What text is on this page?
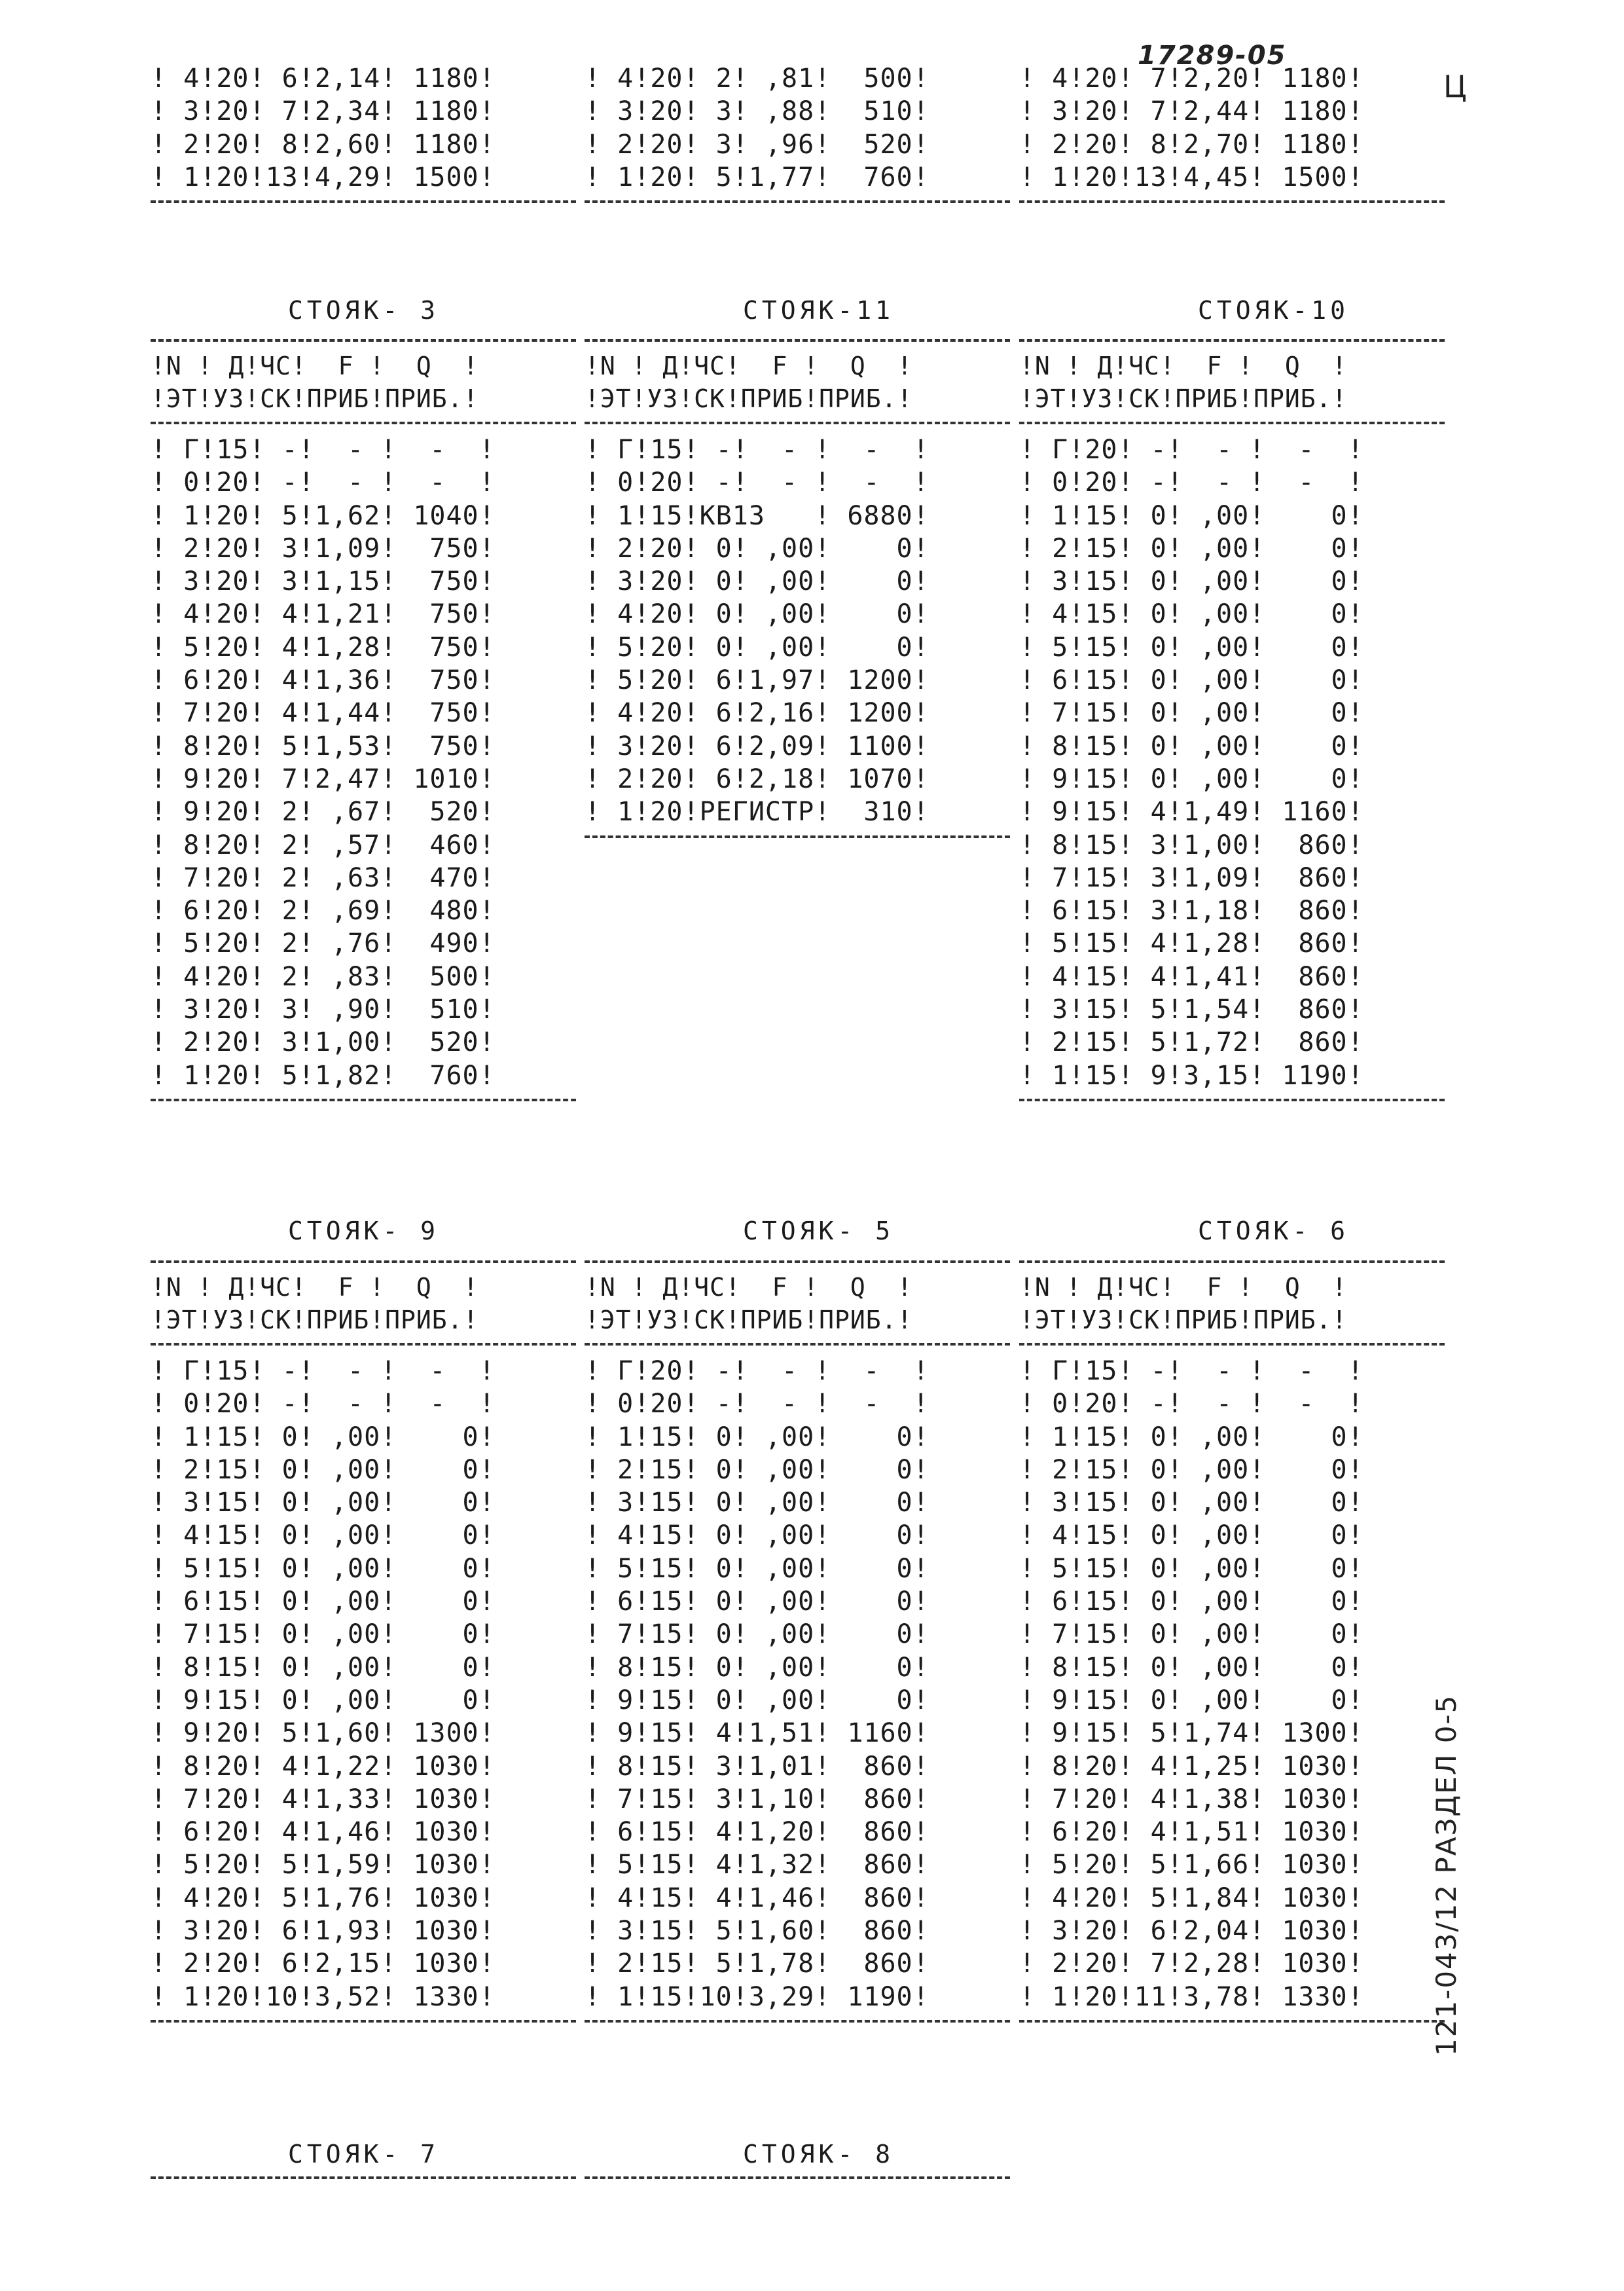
17289-05
Ц
! 4!20! 6!2,14! 1180!
! 3!20! 7!2,34! 1180!
! 2!20! 8!2,60! 1180!
! 1!20!13!4,29! 1500!
! 4!20! 2! ,81!  500!
! 3!20! 3! ,88!  510!
! 2!20! 3! ,96!  520!
! 1!20! 5!1,77!  760!
! 4!20! 7!2,20! 1180!
! 3!20! 7!2,44! 1180!
! 2!20! 8!2,70! 1180!
! 1!20!13!4,45! 1500!
СТОЯК- 3	СТОЯК-11	СТОЯК-10
СТОЯК- 9	СТОЯК- 5	СТОЯК- 6
СТОЯК- 7	СТОЯК- 8
!N ! Д!ЧС!  F !  Q  !
!ЭТ!УЗ!СК!ПРИБ!ПРИБ.!
! Г!15! -!  - !  -  !
! 0!20! -!  - !  -  !
! 1!20! 5!1,62! 1040!
! 2!20! 3!1,09!  750!
! 3!20! 3!1,15!  750!
! 4!20! 4!1,21!  750!
! 5!20! 4!1,28!  750!
! 6!20! 4!1,36!  750!
! 7!20! 4!1,44!  750!
! 8!20! 5!1,53!  750!
! 9!20! 7!2,47! 1010!
! 9!20! 2! ,67!  520!
! 8!20! 2! ,57!  460!
! 7!20! 2! ,63!  470!
! 6!20! 2! ,69!  480!
! 5!20! 2! ,76!  490!
! 4!20! 2! ,83!  500!
! 3!20! 3! ,90!  510!
! 2!20! 3!1,00!  520!
! 1!20! 5!1,82!  760!
!N ! Д!ЧС!  F !  Q  !
!ЭТ!УЗ!СК!ПРИБ!ПРИБ.!
! Г!15! -!  - !  -  !
! 0!20! -!  - !  -  !
! 1!15!КВ13   ! 6880!
! 2!20! 0! ,00!    0!
! 3!20! 0! ,00!    0!
! 4!20! 0! ,00!    0!
! 5!20! 0! ,00!    0!
! 5!20! 6!1,97! 1200!
! 4!20! 6!2,16! 1200!
! 3!20! 6!2,09! 1100!
! 2!20! 6!2,18! 1070!
! 1!20!РЕГИСТР!  310!
!N ! Д!ЧС!  F !  Q  !
!ЭТ!УЗ!СК!ПРИБ!ПРИБ.!
! Г!20! -!  - !  -  !
! 0!20! -!  - !  -  !
! 1!15! 0! ,00!    0!
! 2!15! 0! ,00!    0!
! 3!15! 0! ,00!    0!
! 4!15! 0! ,00!    0!
! 5!15! 0! ,00!    0!
! 6!15! 0! ,00!    0!
! 7!15! 0! ,00!    0!
! 8!15! 0! ,00!    0!
! 9!15! 0! ,00!    0!
! 9!15! 4!1,49! 1160!
! 8!15! 3!1,00!  860!
! 7!15! 3!1,09!  860!
! 6!15! 3!1,18!  860!
! 5!15! 4!1,28!  860!
! 4!15! 4!1,41!  860!
! 3!15! 5!1,54!  860!
! 2!15! 5!1,72!  860!
! 1!15! 9!3,15! 1190!
!N ! Д!ЧС!  F !  Q  !
!ЭТ!УЗ!СК!ПРИБ!ПРИБ.!
! Г!15! -!  - !  -  !
! 0!20! -!  - !  -  !
! 1!15! 0! ,00!    0!
! 2!15! 0! ,00!    0!
! 3!15! 0! ,00!    0!
! 4!15! 0! ,00!    0!
! 5!15! 0! ,00!    0!
! 6!15! 0! ,00!    0!
! 7!15! 0! ,00!    0!
! 8!15! 0! ,00!    0!
! 9!15! 0! ,00!    0!
! 9!20! 5!1,60! 1300!
! 8!20! 4!1,22! 1030!
! 7!20! 4!1,33! 1030!
! 6!20! 4!1,46! 1030!
! 5!20! 5!1,59! 1030!
! 4!20! 5!1,76! 1030!
! 3!20! 6!1,93! 1030!
! 2!20! 6!2,15! 1030!
! 1!20!10!3,52! 1330!
!N ! Д!ЧС!  F !  Q  !
!ЭТ!УЗ!СК!ПРИБ!ПРИБ.!
! Г!20! -!  - !  -  !
! 0!20! -!  - !  -  !
! 1!15! 0! ,00!    0!
! 2!15! 0! ,00!    0!
! 3!15! 0! ,00!    0!
! 4!15! 0! ,00!    0!
! 5!15! 0! ,00!    0!
! 6!15! 0! ,00!    0!
! 7!15! 0! ,00!    0!
! 8!15! 0! ,00!    0!
! 9!15! 0! ,00!    0!
! 9!15! 4!1,51! 1160!
! 8!15! 3!1,01!  860!
! 7!15! 3!1,10!  860!
! 6!15! 4!1,20!  860!
! 5!15! 4!1,32!  860!
! 4!15! 4!1,46!  860!
! 3!15! 5!1,60!  860!
! 2!15! 5!1,78!  860!
! 1!15!10!3,29! 1190!
!N ! Д!ЧС!  F !  Q  !
!ЭТ!УЗ!СК!ПРИБ!ПРИБ.!
! Г!15! -!  - !  -  !
! 0!20! -!  - !  -  !
! 1!15! 0! ,00!    0!
! 2!15! 0! ,00!    0!
! 3!15! 0! ,00!    0!
! 4!15! 0! ,00!    0!
! 5!15! 0! ,00!    0!
! 6!15! 0! ,00!    0!
! 7!15! 0! ,00!    0!
! 8!15! 0! ,00!    0!
! 9!15! 0! ,00!    0!
! 9!15! 5!1,74! 1300!
! 8!20! 4!1,25! 1030!
! 7!20! 4!1,38! 1030!
! 6!20! 4!1,51! 1030!
! 5!20! 5!1,66! 1030!
! 4!20! 5!1,84! 1030!
! 3!20! 6!2,04! 1030!
! 2!20! 7!2,28! 1030!
! 1!20!11!3,78! 1330!	121-043/12 РАЗДЕЛ 0-5
